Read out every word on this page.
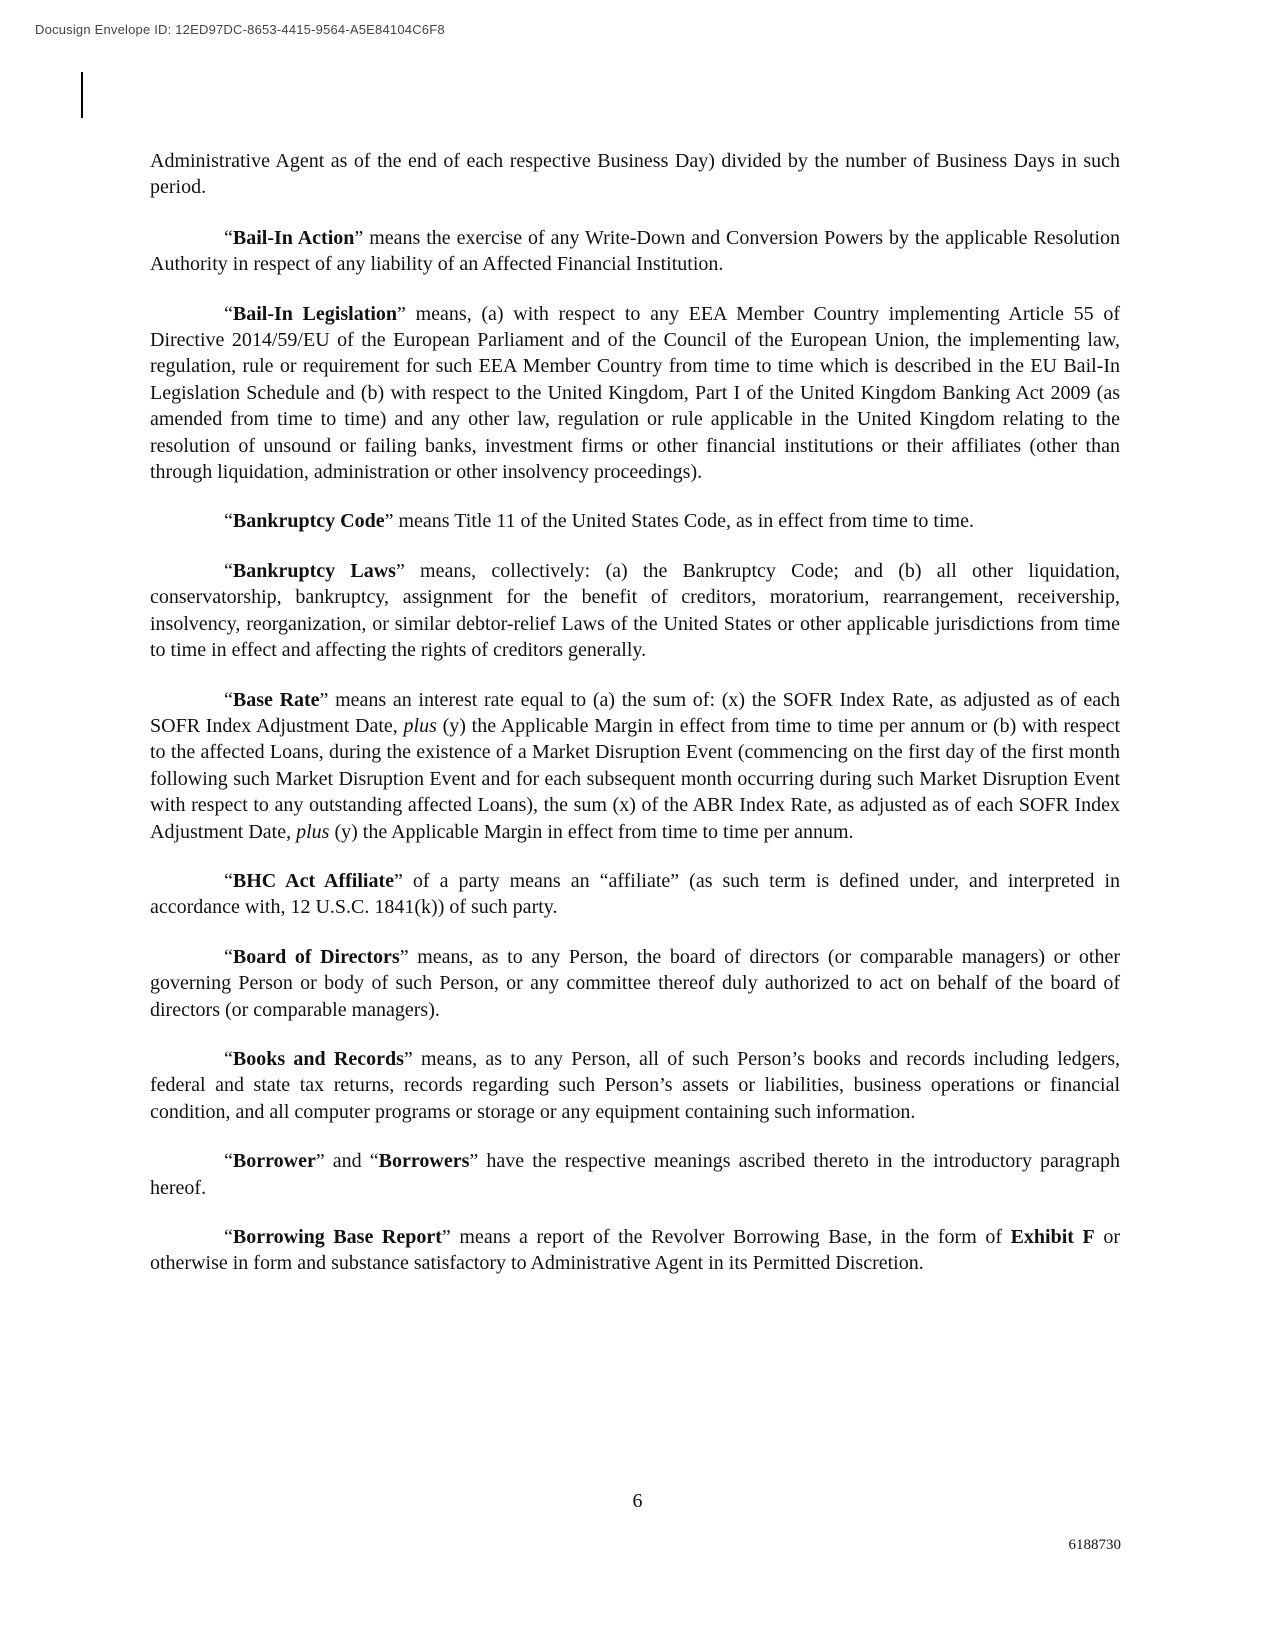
Docusign Envelope ID: 12ED97DC-8653-4415-9564-A5E84104C6F8

Administrative Agent as of the end of each respective Business Day) divided by the number of Business Days in such period.

“Bail-In Action” means the exercise of any Write-Down and Conversion Powers by the applicable Resolution Authority in respect of any liability of an Affected Financial Institution.

“Bail-In Legislation” means, (a) with respect to any EEA Member Country implementing Article 55 of Directive 2014/59/EU of the European Parliament and of the Council of the European Union, the implementing law, regulation, rule or requirement for such EEA Member Country from time to time which is described in the EU Bail-In Legislation Schedule and (b) with respect to the United Kingdom, Part I of the United Kingdom Banking Act 2009 (as amended from time to time) and any other law, regulation or rule applicable in the United Kingdom relating to the resolution of unsound or failing banks, investment firms or other financial institutions or their affiliates (other than through liquidation, administration or other insolvency proceedings).

“Bankruptcy Code” means Title 11 of the United States Code, as in effect from time to time.

“Bankruptcy Laws” means, collectively: (a) the Bankruptcy Code; and (b) all other liquidation, conservatorship, bankruptcy, assignment for the benefit of creditors, moratorium, rearrangement, receivership, insolvency, reorganization, or similar debtor-relief Laws of the United States or other applicable jurisdictions from time to time in effect and affecting the rights of creditors generally.

“Base Rate” means an interest rate equal to (a) the sum of: (x) the SOFR Index Rate, as adjusted as of each SOFR Index Adjustment Date, plus (y) the Applicable Margin in effect from time to time per annum or (b) with respect to the affected Loans, during the existence of a Market Disruption Event (commencing on the first day of the first month following such Market Disruption Event and for each subsequent month occurring during such Market Disruption Event with respect to any outstanding affected Loans), the sum (x) of the ABR Index Rate, as adjusted as of each SOFR Index Adjustment Date, plus (y) the Applicable Margin in effect from time to time per annum.

“BHC Act Affiliate” of a party means an “affiliate” (as such term is defined under, and interpreted in accordance with, 12 U.S.C. 1841(k)) of such party.

“Board of Directors” means, as to any Person, the board of directors (or comparable managers) or other governing Person or body of such Person, or any committee thereof duly authorized to act on behalf of the board of directors (or comparable managers).

“Books and Records” means, as to any Person, all of such Person’s books and records including ledgers, federal and state tax returns, records regarding such Person’s assets or liabilities, business operations or financial condition, and all computer programs or storage or any equipment containing such information.

“Borrower” and “Borrowers” have the respective meanings ascribed thereto in the introductory paragraph hereof.

“Borrowing Base Report” means a report of the Revolver Borrowing Base, in the form of Exhibit F or otherwise in form and substance satisfactory to Administrative Agent in its Permitted Discretion.

6
6188730
